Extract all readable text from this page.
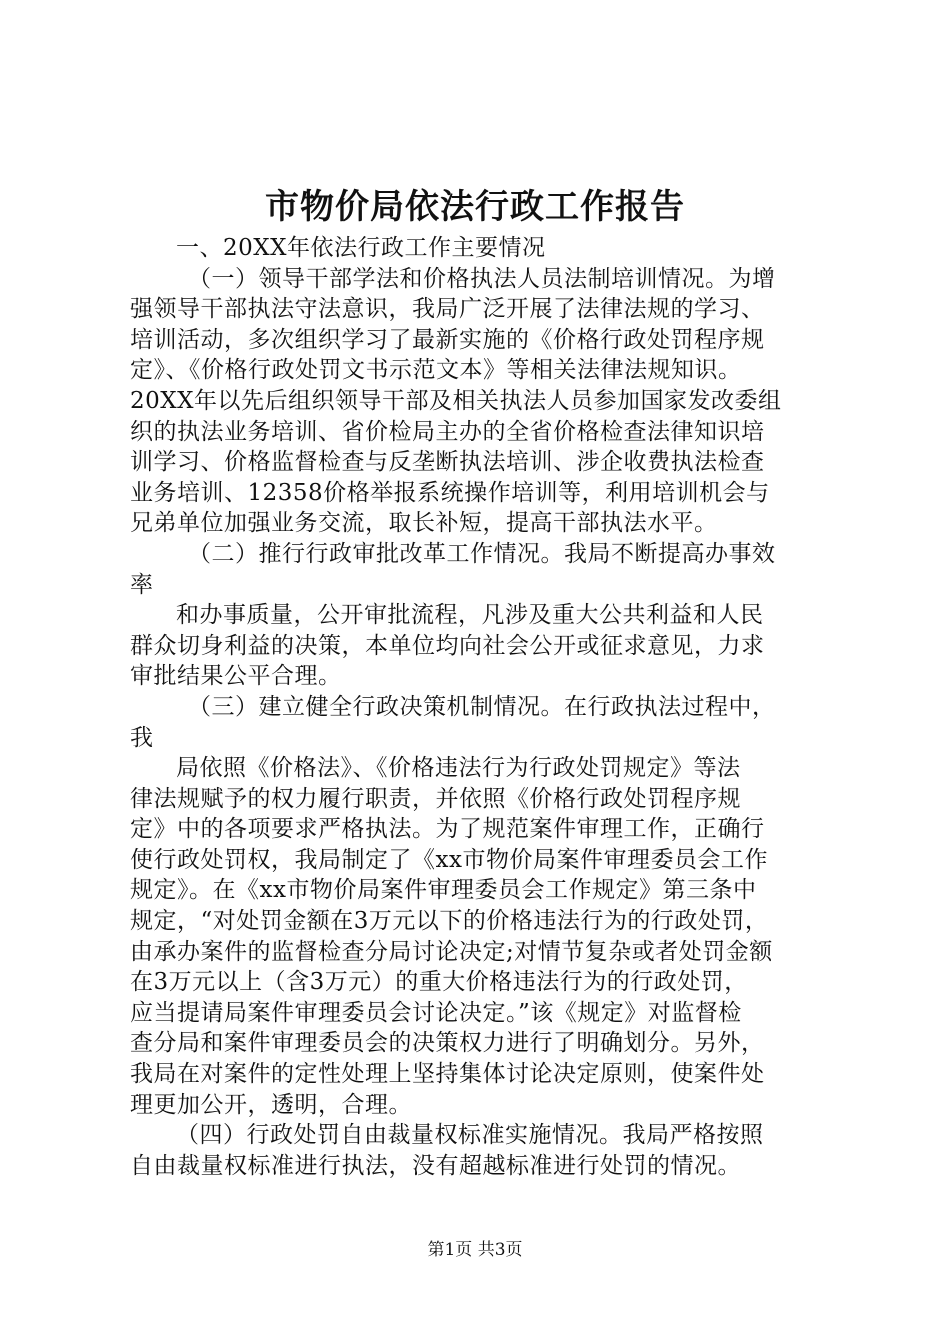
市物价局依法行政工作报告
一、20XX年依法行政工作主要情况
（一）领导干部学法和价格执法人员法制培训情况。为增
强领导干部执法守法意识，我局广泛开展了法律法规的学习、
培训活动，多次组织学习了最新实施的《价格行政处罚程序规
定》、《价格行政处罚文书示范文本》等相关法律法规知识。
20XX年以先后组织领导干部及相关执法人员参加国家发改委组
织的执法业务培训、省价检局主办的全省价格检查法律知识培
训学习、价格监督检查与反垄断执法培训、涉企收费执法检查
业务培训、12358价格举报系统操作培训等，利用培训机会与
兄弟单位加强业务交流，取长补短，提高干部执法水平。
（二）推行行政审批改革工作情况。我局不断提高办事效
率
和办事质量，公开审批流程，凡涉及重大公共利益和人民
群众切身利益的决策，本单位均向社会公开或征求意见，力求
审批结果公平合理。
（三）建立健全行政决策机制情况。在行政执法过程中，
我
局依照《价格法》、《价格违法行为行政处罚规定》等法
律法规赋予的权力履行职责，并依照《价格行政处罚程序规
定》中的各项要求严格执法。为了规范案件审理工作，正确行
使行政处罚权，我局制定了《xx市物价局案件审理委员会工作
规定》。在《xx市物价局案件审理委员会工作规定》第三条中
规定，“对处罚金额在3万元以下的价格违法行为的行政处罚，
由承办案件的监督检查分局讨论决定;对情节复杂或者处罚金额
在3万元以上（含3万元）的重大价格违法行为的行政处罚，
应当提请局案件审理委员会讨论决定。”该《规定》对监督检
查分局和案件审理委员会的决策权力进行了明确划分。另外，
我局在对案件的定性处理上坚持集体讨论决定原则，使案件处
理更加公开，透明，合理。
（四）行政处罚自由裁量权标准实施情况。我局严格按照
自由裁量权标准进行执法，没有超越标准进行处罚的情况。
第1页 共3页
